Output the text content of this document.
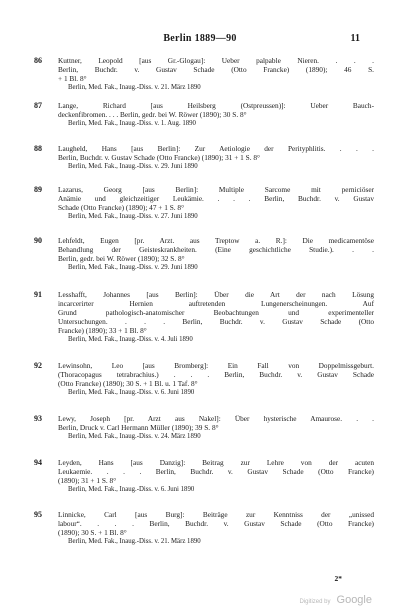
Berlin 1889—90	11
86	Kuttner, Leopold [aus Gr.-Glogau]: Ueber palpable Nieren. . . .
Berlin, Buchdr. v. Gustav Schade (Otto Francke) (1890); 46 S.
+ 1 Bl. 8°
Berlin, Med. Fak., Inaug.-Diss. v. 21. März 1890
87	Lange, Richard [aus Heilsberg (Ostpreussen)]: Ueber Bauch-
deckenfibromen. . . . Berlin, gedr. bei W. Röwer (1890); 30 S. 8°
Berlin, Med. Fak., Inaug.-Diss. v. 1. Aug. 1890
88	Laugheld, Hans [aus Berlin]: Zur Aetiologie der Perityphlitis. . . .
Berlin, Buchdr. v. Gustav Schade (Otto Francke) (1890); 31 + 1 S. 8°
Berlin, Med. Fak., Inaug.-Diss. v. 29. Juni 1890
89	Lazarus, Georg [aus Berlin]: Multiple Sarcome mit perniciöser
Anämie und gleichzeitiger Leukämie. . . . Berlin, Buchdr. v. Gustav
Schade (Otto Francke) (1890); 47 + 1 S. 8°
Berlin, Med. Fak., Inaug.-Diss. v. 27. Juni 1890
90	Lehfeldt, Eugen [pr. Arzt. aus Treptow a. R.]: Die medicamentöse
Behandlung der Geisteskrankheiten. (Eine geschichtliche Studie.). . .
Berlin, gedr. bei W. Röwer (1890); 32 S. 8°
Berlin, Med. Fak., Inaug.-Diss. v. 29. Juni 1890
91	Lesshafft, Johannes [aus Berlin]: Über die Art der nach Lösung
incarcerirter Hernien auftretenden Lungenerscheinungen. Auf
Grund pathologisch-anatomischer Beobachtungen und experimenteller
Untersuchungen. . . . Berlin, Buchdr. v. Gustav Schade (Otto
Francke) (1890); 33 + 1 Bl. 8°
Berlin, Med. Fak., Inaug.-Diss. v. 4. Juli 1890
92	Lewinsohn, Leo [aus Bromberg]: Ein Fall von Doppelmissgeburt.
(Thoracopagus tetrabrachius.) . . . Berlin, Buchdr. v. Gustav Schade
(Otto Francke) (1890); 30 S. + 1 Bl. u. 1 Taf. 8°
Berlin, Med. Fak., Inaug.-Diss. v. 6. Juni 1890
93	Lewy, Joseph [pr. Arzt aus Nakel]: Über hysterische Amaurose. . .
Berlin, Druck v. Carl Hermann Müller (1890); 39 S. 8°
Berlin, Med. Fak., Inaug.-Diss. v. 24. März 1890
94	Leyden, Hans [aus Danzig]: Beitrag zur Lehre von der acuten
Leukaemie. . . . Berlin, Buchdr. v. Gustav Schade (Otto Francke)
(1890); 31 + 1 S. 8°
Berlin, Med. Fak., Inaug.-Diss. v. 6. Juni 1890
95	Linnicke, Carl [aus Burg]: Beiträge zur Kenntniss der „unissed
labour“. . . . Berlin, Buchdr. v. Gustav Schade (Otto Francke)
(1890); 30 S. + 1 Bl. 8°
Berlin, Med. Fak., Inaug.-Diss. v. 21. März 1890
2*
Digitized by Google
